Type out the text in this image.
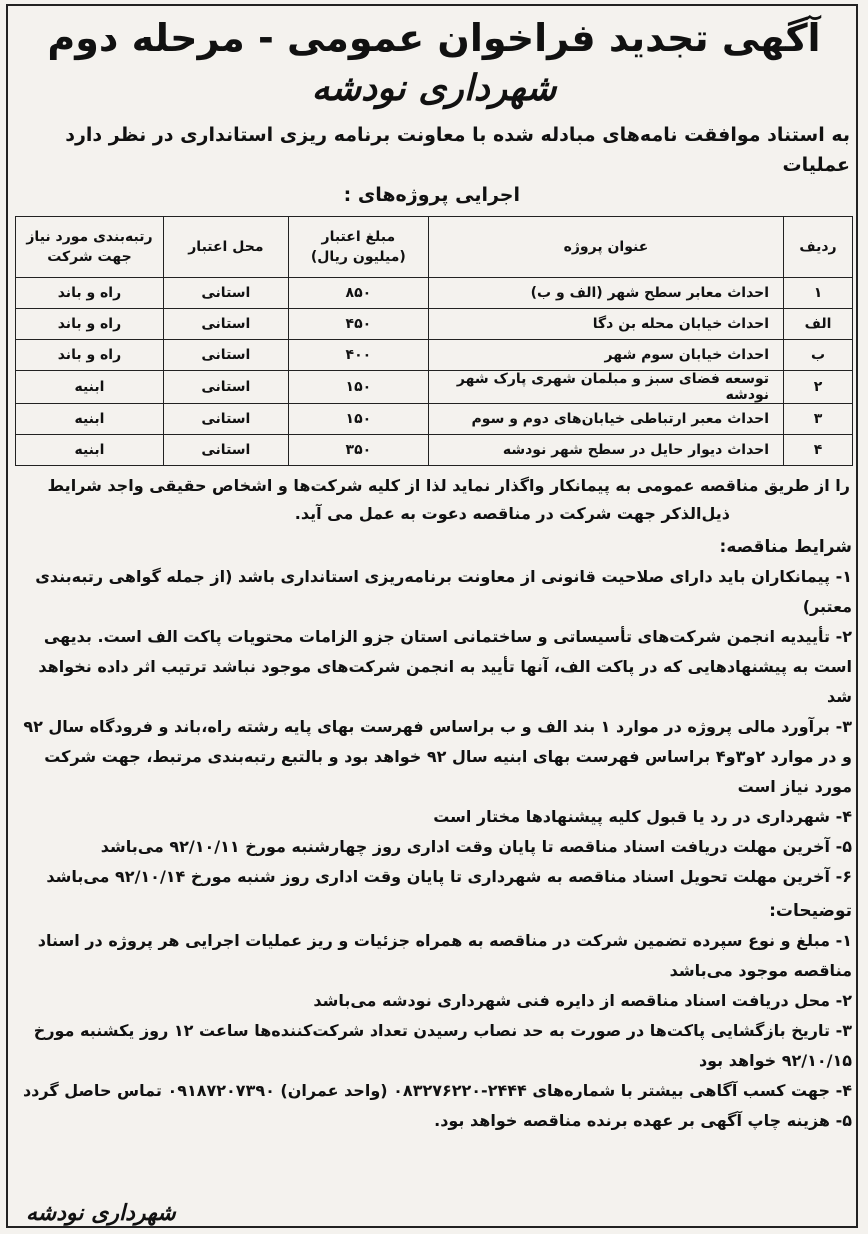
آگهی تجدید فراخوان عمومی - مرحله دوم
شهرداری نودشه
به استناد موافقت نامه‌های مبادله شده با معاونت برنامه ریزی استانداری در نظر دارد عملیات
اجرایی پروژه‌های :
ردیف	عنوان پروژه	مبلغ اعتبار (میلیون ریال)	محل اعتبار	رتبه‌بندی مورد نیاز جهت شرکت
۱	احداث معابر سطح شهر (الف و ب)	۸۵۰	استانی	راه و باند
الف	احداث خیابان محله بن دگا	۴۵۰	استانی	راه و باند
ب	احداث خیابان سوم شهر	۴۰۰	استانی	راه و باند
۲	توسعه فضای سبز و مبلمان شهری پارک شهر نودشه	۱۵۰	استانی	ابنیه
۳	احداث معبر ارتباطی خیابان‌های دوم و سوم	۱۵۰	استانی	ابنیه
۴	احداث دیوار حایل در سطح شهر نودشه	۳۵۰	استانی	ابنیه
را از طریق مناقصه عمومی به پیمانکار واگذار نماید لذا از کلیه شرکت‌ها و اشخاص حقیقی واجد شرایط
ذیل‌الذکر جهت شرکت در مناقصه دعوت به عمل می آید.
شرایط مناقصه:
۱- پیمانکاران باید دارای صلاحیت قانونی از معاونت برنامه‌ریزی استانداری باشد (از جمله گواهی رتبه‌بندی معتبر)
۲- تأییدیه انجمن شرکت‌های تأسیساتی و ساختمانی استان جزو الزامات محتویات پاکت الف است. بدیهی است به پیشنهادهایی که در پاکت الف، آنها تأیید به انجمن شرکت‌های موجود نباشد ترتیب اثر داده نخواهد شد
۳- برآورد مالی پروژه در موارد ۱ بند الف و ب براساس فهرست بهای پایه رشته راه،باند و فرودگاه سال ۹۲ و در موارد ۲و۳و۴ براساس فهرست بهای ابنیه سال ۹۲ خواهد بود و بالتبع رتبه‌بندی مرتبط، جهت شرکت مورد نیاز است
۴- شهرداری در رد یا قبول کلیه پیشنهادها مختار است
۵- آخرین مهلت دریافت اسناد مناقصه تا پایان وقت اداری روز چهارشنبه مورخ ۹۲/۱۰/۱۱ می‌باشد
۶- آخرین مهلت تحویل اسناد مناقصه به شهرداری تا پایان وقت اداری روز شنبه مورخ ۹۲/۱۰/۱۴ می‌باشد
توضیحات:
۱- مبلغ و نوع سپرده تضمین شرکت در مناقصه به همراه جزئیات و ریز عملیات اجرایی هر پروژه در اسناد مناقصه موجود می‌باشد
۲- محل دریافت اسناد مناقصه از دایره فنی شهرداری نودشه می‌باشد
۳- تاریخ بازگشایی پاکت‌ها در صورت به حد نصاب رسیدن تعداد شرکت‌کننده‌ها ساعت ۱۲ روز یکشنبه مورخ ۹۲/۱۰/۱۵ خواهد بود
۴- جهت کسب آگاهی بیشتر با شماره‌های ۲۴۴۴-۰۸۳۲۷۶۲۲۰ (واحد عمران) ۰۹۱۸۷۲۰۷۳۹۰ تماس حاصل گردد
۵- هزینه چاپ آگهی بر عهده برنده مناقصه خواهد بود.
شهرداری نودشه
